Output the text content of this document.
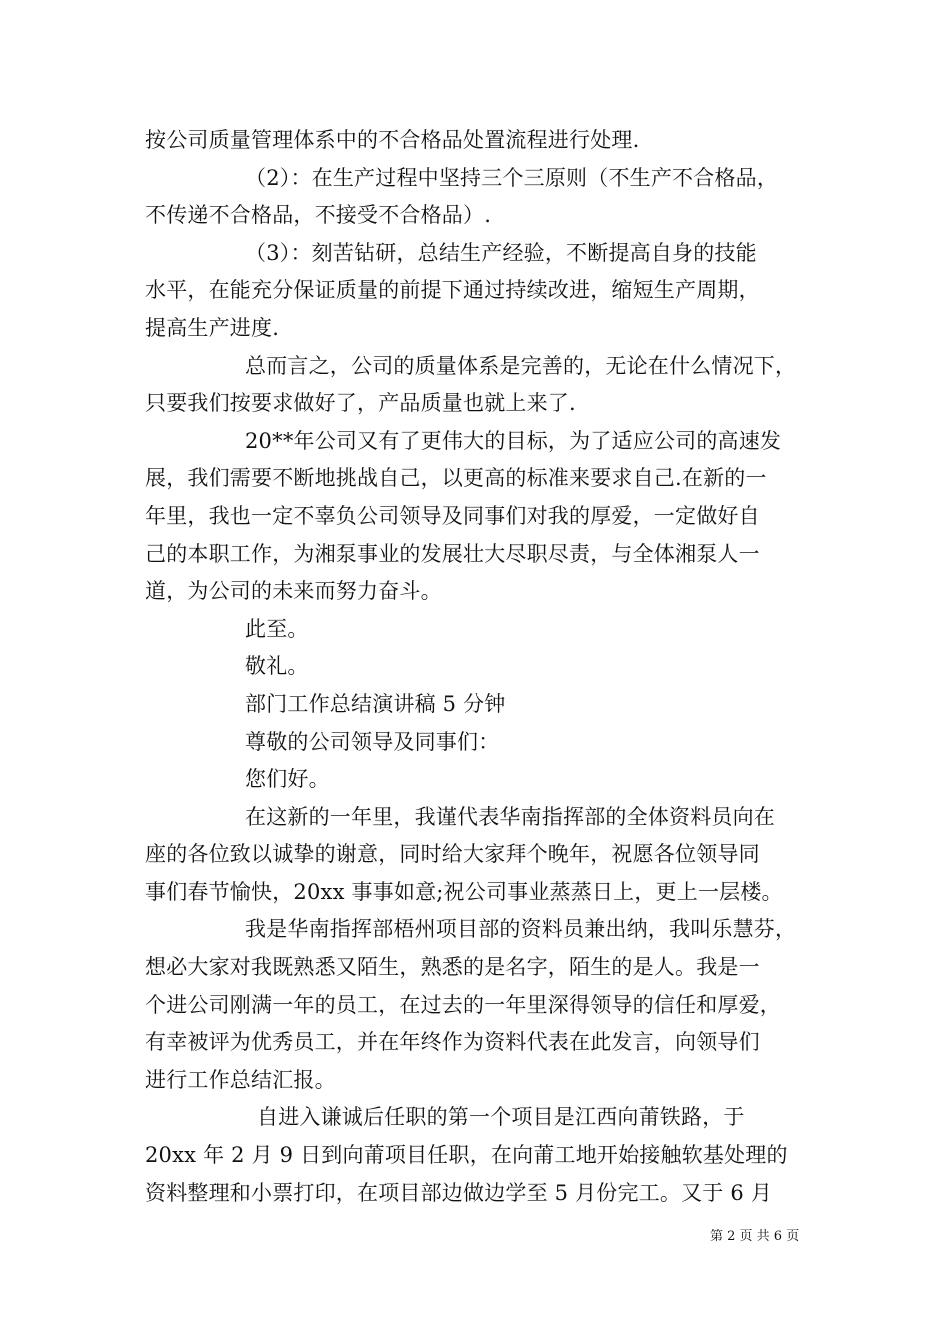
按公司质量管理体系中的不合格品处置流程进行处理.
（2）：在生产过程中坚持三个三原则（不生产不合格品，
不传递不合格品，不接受不合格品）.
（3）：刻苦钻研，总结生产经验，不断提高自身的技能
水平，在能充分保证质量的前提下通过持续改进，缩短生产周期，
提高生产进度.
总而言之，公司的质量体系是完善的，无论在什么情况下，
只要我们按要求做好了，产品质量也就上来了.
20**年公司又有了更伟大的目标，为了适应公司的高速发
展，我们需要不断地挑战自己，以更高的标准来要求自己.在新的一
年里，我也一定不辜负公司领导及同事们对我的厚爱，一定做好自
己的本职工作，为湘泵事业的发展壮大尽职尽责，与全体湘泵人一
道，为公司的未来而努力奋斗。
此至。
敬礼。
部门工作总结演讲稿 5 分钟
尊敬的公司领导及同事们：
您们好。
在这新的一年里，我谨代表华南指挥部的全体资料员向在
座的各位致以诚挚的谢意，同时给大家拜个晚年，祝愿各位领导同
事们春节愉快，20xx 事事如意;祝公司事业蒸蒸日上，更上一层楼。
我是华南指挥部梧州项目部的资料员兼出纳，我叫乐慧芬，
想必大家对我既熟悉又陌生，熟悉的是名字，陌生的是人。我是一
个进公司刚满一年的员工，在过去的一年里深得领导的信任和厚爱，
有幸被评为优秀员工，并在年终作为资料代表在此发言，向领导们
进行工作总结汇报。
自进入谦诚后任职的第一个项目是江西向莆铁路，于
20xx 年 2 月 9 日到向莆项目任职，在向莆工地开始接触软基处理的
资料整理和小票打印，在项目部边做边学至 5 月份完工。又于 6 月
第 2 页 共 6 页
